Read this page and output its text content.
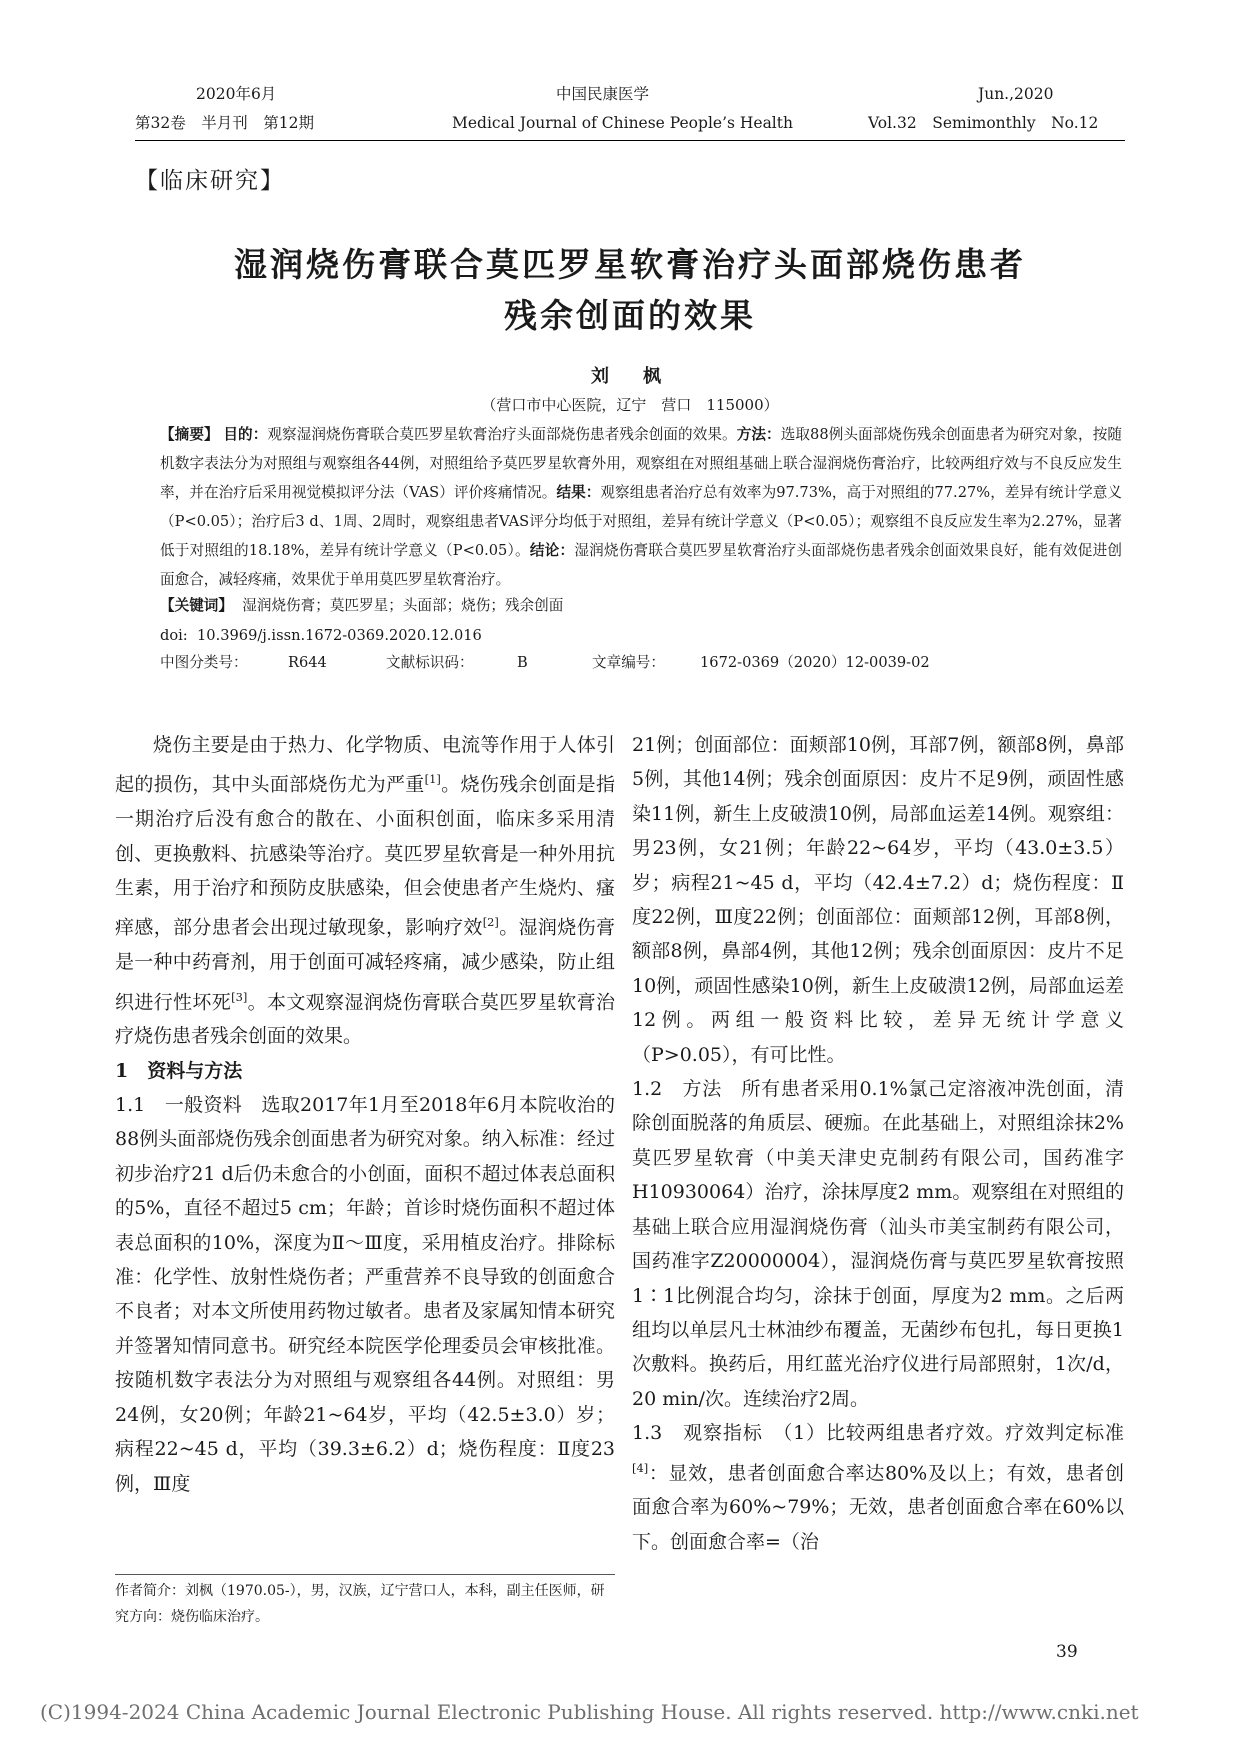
2020年6月
第32卷　半月刊　第12期
中国民康医学
Medical Journal of Chinese People’s Health
Jun.,2020
Vol.32　Semimonthly　No.12
【临床研究】
湿润烧伤膏联合莫匹罗星软膏治疗头面部烧伤患者
残余创面的效果
刘　枫
（营口市中心医院，辽宁　营口　115000）
【摘要】 目的：观察湿润烧伤膏联合莫匹罗星软膏治疗头面部烧伤患者残余创面的效果。方法：选取88例头面部烧伤残余创面患者为研究对象，按随机数字表法分为对照组与观察组各44例，对照组给予莫匹罗星软膏外用，观察组在对照组基础上联合湿润烧伤膏治疗，比较两组疗效与不良反应发生率，并在治疗后采用视觉模拟评分法（VAS）评价疼痛情况。结果：观察组患者治疗总有效率为97.73%，高于对照组的77.27%，差异有统计学意义（P<0.05）；治疗后3 d、1周、2周时，观察组患者VAS评分均低于对照组，差异有统计学意义（P<0.05）；观察组不良反应发生率为2.27%，显著低于对照组的18.18%，差异有统计学意义（P<0.05）。结论：湿润烧伤膏联合莫匹罗星软膏治疗头面部烧伤患者残余创面效果良好，能有效促进创面愈合，减轻疼痛，效果优于单用莫匹罗星软膏治疗。
【关键词】 湿润烧伤膏；莫匹罗星；头面部；烧伤；残余创面
doi: 10.3969/j.issn.1672-0369.2020.12.016
中图分类号：	R644	文献标识码：	B	文章编号： 1672-0369（2020）12-0039-02

烧伤主要是由于热力、化学物质、电流等作用于人体引起的损伤，其中头面部烧伤尤为严重[1]。烧伤残余创面是指一期治疗后没有愈合的散在、小面积创面，临床多采用清创、更换敷料、抗感染等治疗。莫匹罗星软膏是一种外用抗生素，用于治疗和预防皮肤感染，但会使患者产生烧灼、瘙痒感，部分患者会出现过敏现象，影响疗效[2]。湿润烧伤膏是一种中药膏剂，用于创面可减轻疼痛，减少感染，防止组织进行性坏死[3]。本文观察湿润烧伤膏联合莫匹罗星软膏治疗烧伤患者残余创面的效果。

1　资料与方法

1.1　一般资料　选取2017年1月至2018年6月本院收治的88例头面部烧伤残余创面患者为研究对象。纳入标准：经过初步治疗21 d后仍未愈合的小创面，面积不超过体表总面积的5%，直径不超过5 cm；年龄；首诊时烧伤面积不超过体表总面积的10%，深度为Ⅱ～Ⅲ度，采用植皮治疗。排除标准：化学性、放射性烧伤者；严重营养不良导致的创面愈合不良者；对本文所使用药物过敏者。患者及家属知情本研究并签署知情同意书。研究经本院医学伦理委员会审核批准。按随机数字表法分为对照组与观察组各44例。对照组：男24例，女20例；年龄21~64岁，平均（42.5±3.0）岁；病程22~45 d，平均（39.3±6.2）d；烧伤程度：Ⅱ度23例，Ⅲ度

21例；创面部位：面颊部10例，耳部7例，额部8例，鼻部5例，其他14例；残余创面原因：皮片不足9例，顽固性感染11例，新生上皮破溃10例，局部血运差14例。观察组：男23例，女21例；年龄22~64岁，平均（43.0±3.5）岁；病程21~45 d，平均（42.4±7.2）d；烧伤程度：Ⅱ度22例，Ⅲ度22例；创面部位：面颊部12例，耳部8例，额部8例，鼻部4例，其他12例；残余创面原因：皮片不足10例，顽固性感染10例，新生上皮破溃12例，局部血运差12例。两组一般资料比较，差异无统计学意义（P>0.05），有可比性。

1.2　方法　所有患者采用0.1%氯己定溶液冲洗创面，清除创面脱落的角质层、硬痂。在此基础上，对照组涂抹2%莫匹罗星软膏（中美天津史克制药有限公司，国药准字H10930064）治疗，涂抹厚度2 mm。观察组在对照组的基础上联合应用湿润烧伤膏（汕头市美宝制药有限公司，国药准字Z20000004），湿润烧伤膏与莫匹罗星软膏按照1∶1比例混合均匀，涂抹于创面，厚度为2 mm。之后两组均以单层凡士林油纱布覆盖，无菌纱布包扎，每日更换1次敷料。换药后，用红蓝光治疗仪进行局部照射，1次/d，20 min/次。连续治疗2周。

1.3　观察指标　（1）比较两组患者疗效。疗效判定标准[4]：显效，患者创面愈合率达80%及以上；有效，患者创面愈合率为60%~79%；无效，患者创面愈合率在60%以下。创面愈合率=（治

作者简介：刘枫（1970.05-），男，汉族，辽宁营口人，本科，副主任医师，研究方向：烧伤临床治疗。
39
(C)1994-2024 China Academic Journal Electronic Publishing House. All rights reserved. http://www.cnki.net
